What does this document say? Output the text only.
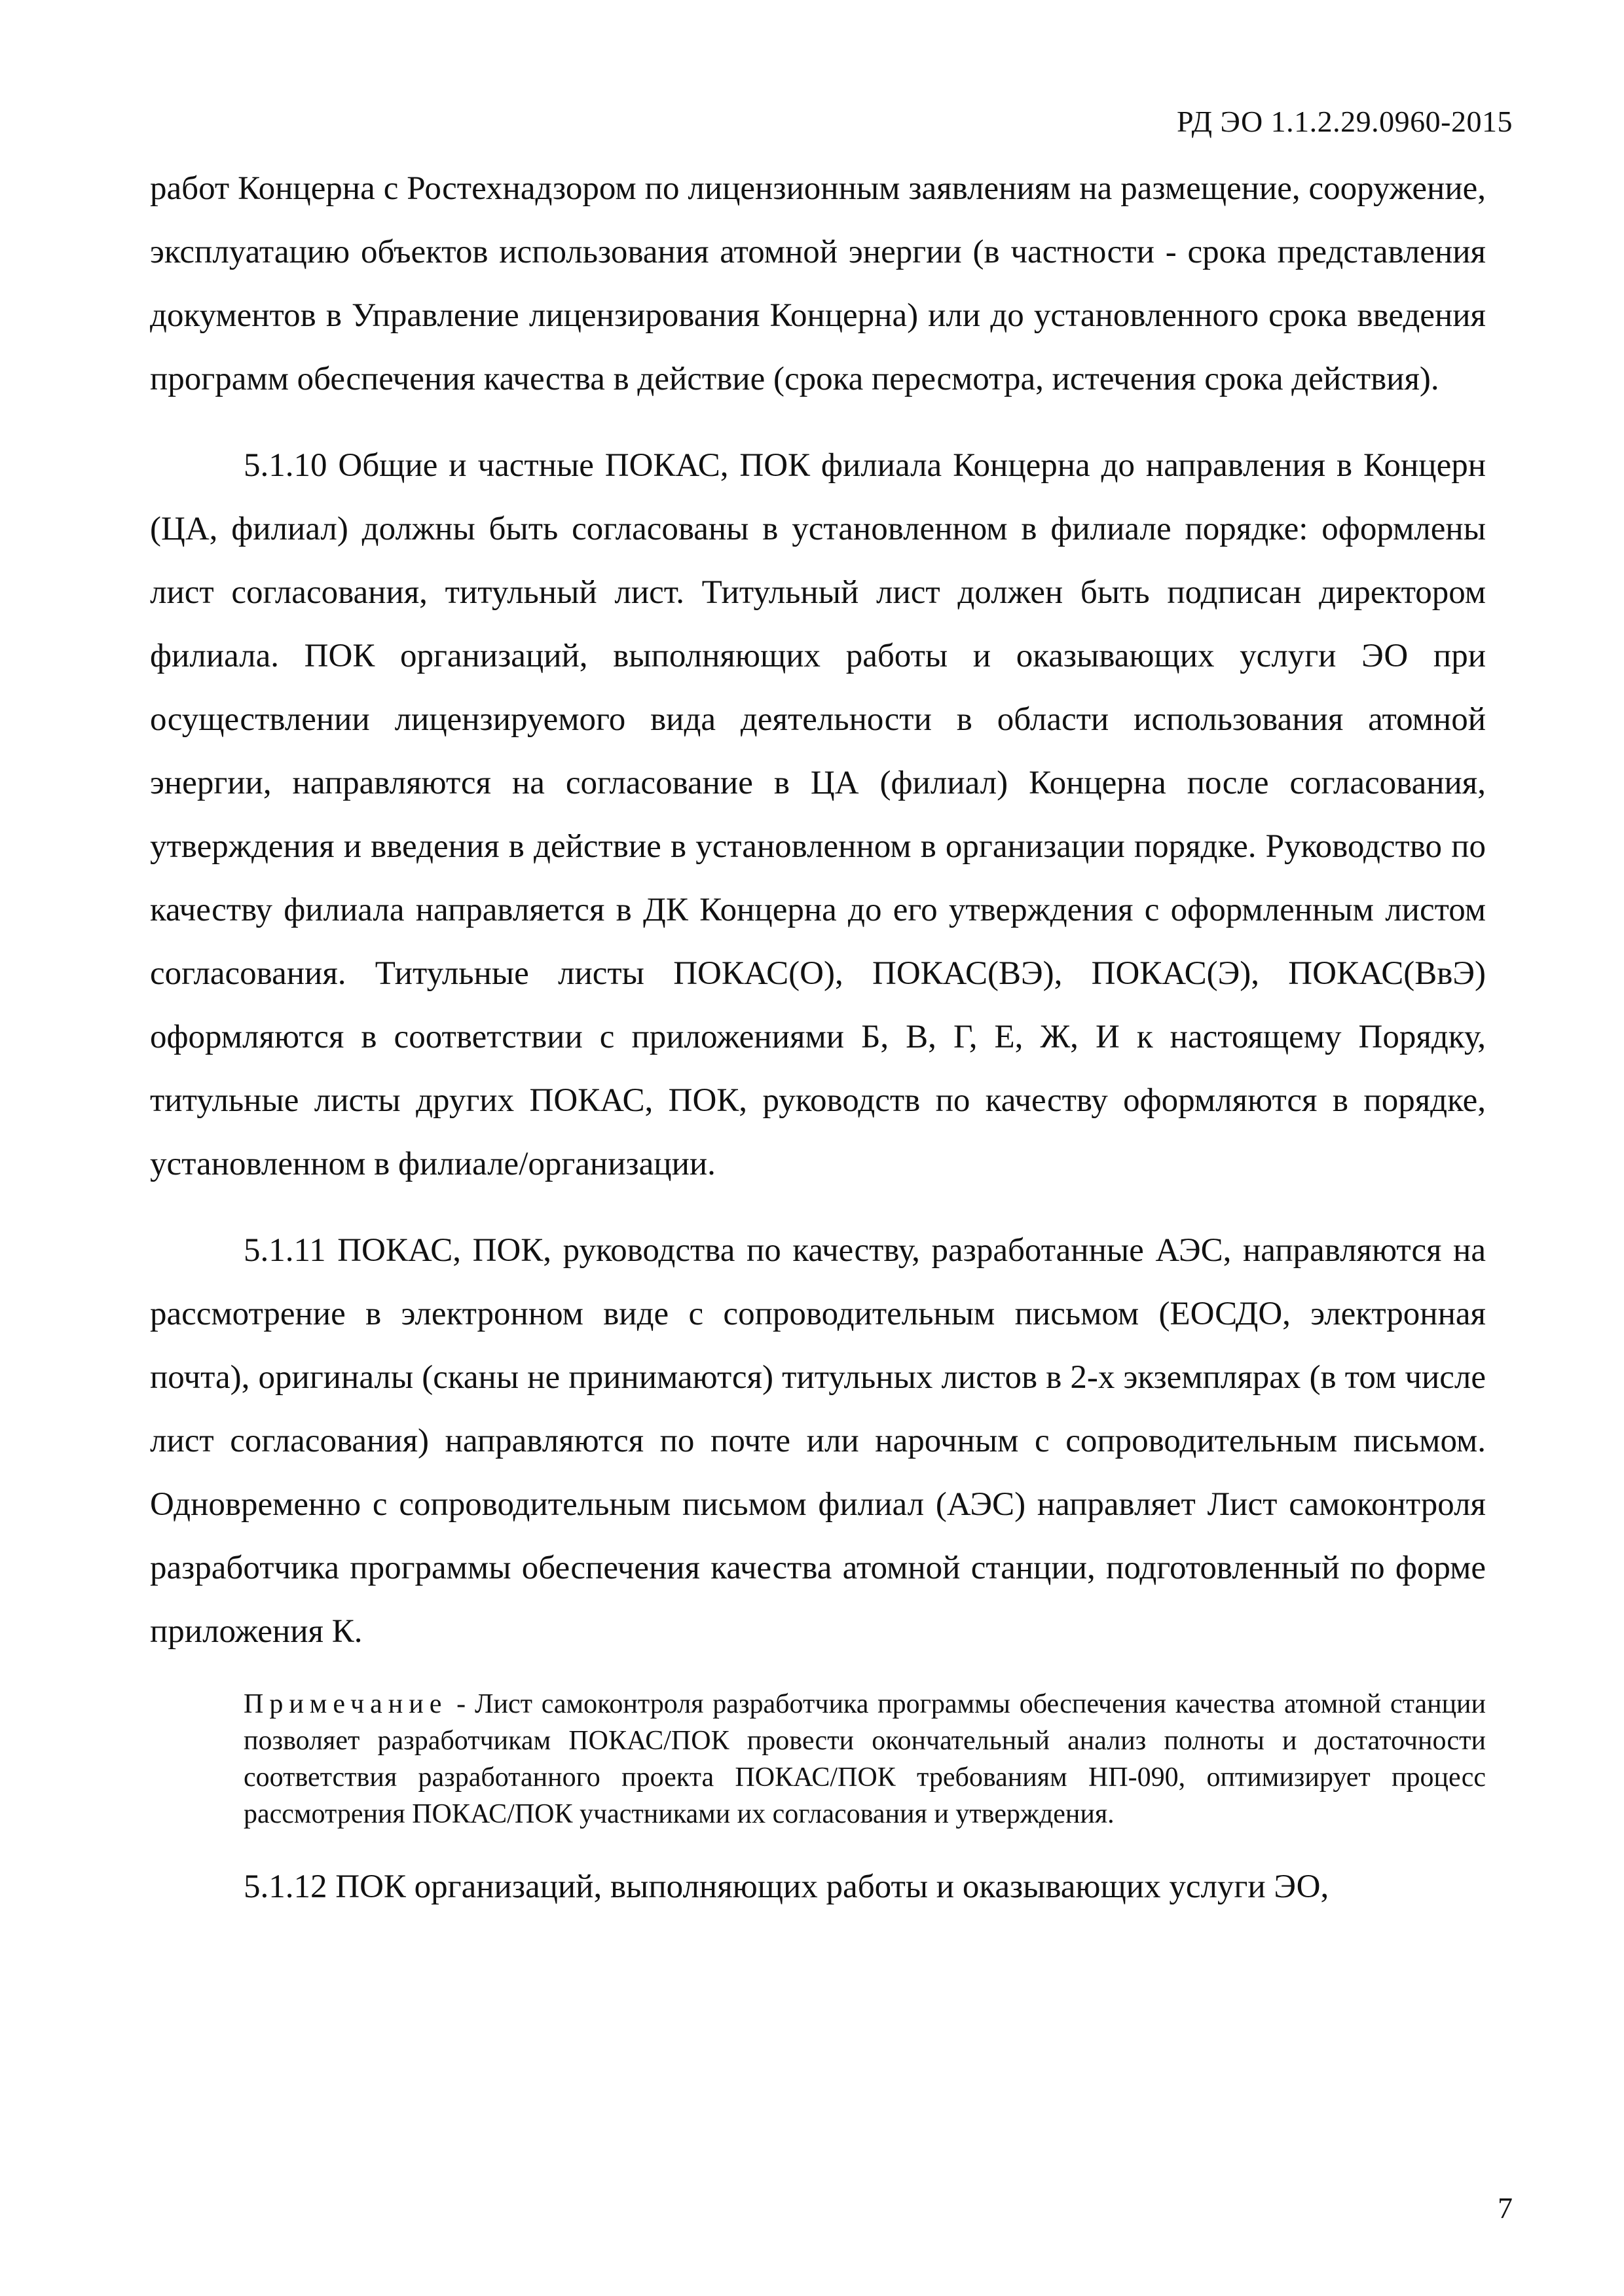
РД ЭО 1.1.2.29.0960-2015

работ Концерна с Ростехнадзором по лицензионным заявлениям на размещение, сооружение, эксплуатацию объектов использования атомной энергии (в частности - срока представления документов в Управление лицензирования Концерна) или до установленного срока введения программ обеспечения качества в действие (срока пересмотра, истечения срока действия).

5.1.10 Общие и частные ПОКАС, ПОК филиала Концерна до направления в Концерн (ЦА, филиал) должны быть согласованы в установленном в филиале порядке: оформлены лист согласования, титульный лист. Титульный лист должен быть подписан директором филиала. ПОК организаций, выполняющих работы и оказывающих услуги ЭО при осуществлении лицензируемого вида деятельности в области использования атомной энергии, направляются на согласование в ЦА (филиал) Концерна после согласования, утверждения и введения в действие в установленном в организации порядке. Руководство по качеству филиала направляется в ДК Концерна до его утверждения с оформленным листом согласования. Титульные листы ПОКАС(О), ПОКАС(ВЭ), ПОКАС(Э), ПОКАС(ВвЭ) оформляются в соответствии с приложениями Б, В, Г, Е, Ж, И к настоящему Порядку, титульные листы других ПОКАС, ПОК, руководств по качеству оформляются в порядке, установленном в филиале/организации.

5.1.11 ПОКАС, ПОК, руководства по качеству, разработанные АЭС, направляются на рассмотрение в электронном виде с сопроводительным письмом (ЕОСДО, электронная почта), оригиналы (сканы не принимаются) титульных листов в 2-х экземплярах (в том числе лист согласования) направляются по почте или нарочным с сопроводительным письмом. Одновременно с сопроводительным письмом филиал (АЭС) направляет Лист самоконтроля разработчика программы обеспечения качества атомной станции, подготовленный по форме приложения К.

Примечание - Лист самоконтроля разработчика программы обеспечения качества атомной станции позволяет разработчикам ПОКАС/ПОК провести окончательный анализ полноты и достаточности соответствия разработанного проекта ПОКАС/ПОК требованиям НП-090, оптимизирует процесс рассмотрения ПОКАС/ПОК участниками их согласования и утверждения.

5.1.12 ПОК организаций, выполняющих работы и оказывающих услуги ЭО,

7
